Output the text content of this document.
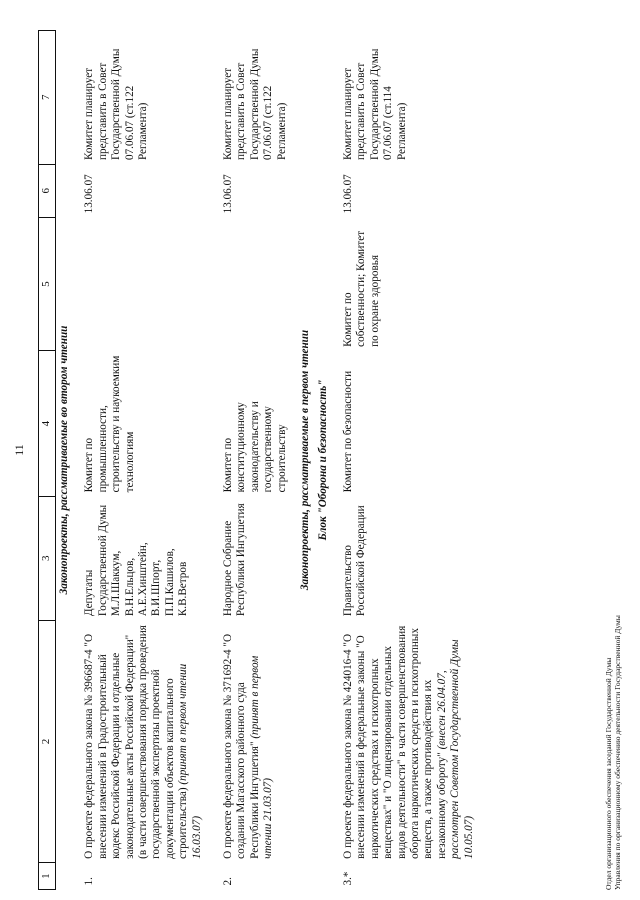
11
1	2	3	4	5	6	7
Законопроекты, рассматриваемые во втором чтении						
1.	О проекте федерального закона № 396687-4 "О внесении изменений в Градостроительный кодекс Российской Федерации и отдельные законодательные акты Российской Федерации" (в части совершенствования порядка проведения государственной экспертизы проектной документации объектов капитального строительства) (принят в первом чтении 16.03.07)	Депутаты Государственной Думы М.Л.Шаккум, В.Н.Ельцов, А.Е.Хинштейн, В.И.Шпорт, П.П.Кашилов, К.В.Ветров	Комитет по промышленности, строительству и наукоемким технологиям		13.06.07	Комитет планирует представить в Совет Государственной Думы 07.06.07 (ст.122 Регламента)
2.	О проекте федерального закона № 371692-4 "О создании Магасского районного суда Республики Ингушетия" (принят в первом чтении 21.03.07)	Народное Собрание Республики Ингушетия	Комитет по конституционному законодательству и государственному строительству		13.06.07	Комитет планирует представить в Совет Государственной Думы 07.06.07 (ст.122 Регламента)
Законопроекты, рассматриваемые в первом чтении						
Блок "Оборона и безопасность"						
3.*	О проекте федерального закона № 424016-4 "О внесении изменений в федеральные законы "О наркотических средствах и психотропных веществах" и "О лицензировании отдельных видов деятельности" в части совершенствования оборота наркотических средств и психотропных веществ, а также противодействия их незаконному обороту" (внесен 26.04.07, рассмотрен Советом Государственной Думы 10.05.07)	Правительство Российской Федерации	Комитет по безопасности	Комитет по собственности; Комитет по охране здоровья	13.06.07	Комитет планирует представить в Совет Государственной Думы 07.06.07 (ст.114 Регламента)
Отдел организационного обеспечения заседаний Государственной Думы Управления по организационному обеспечению деятельности Государственной Думы
